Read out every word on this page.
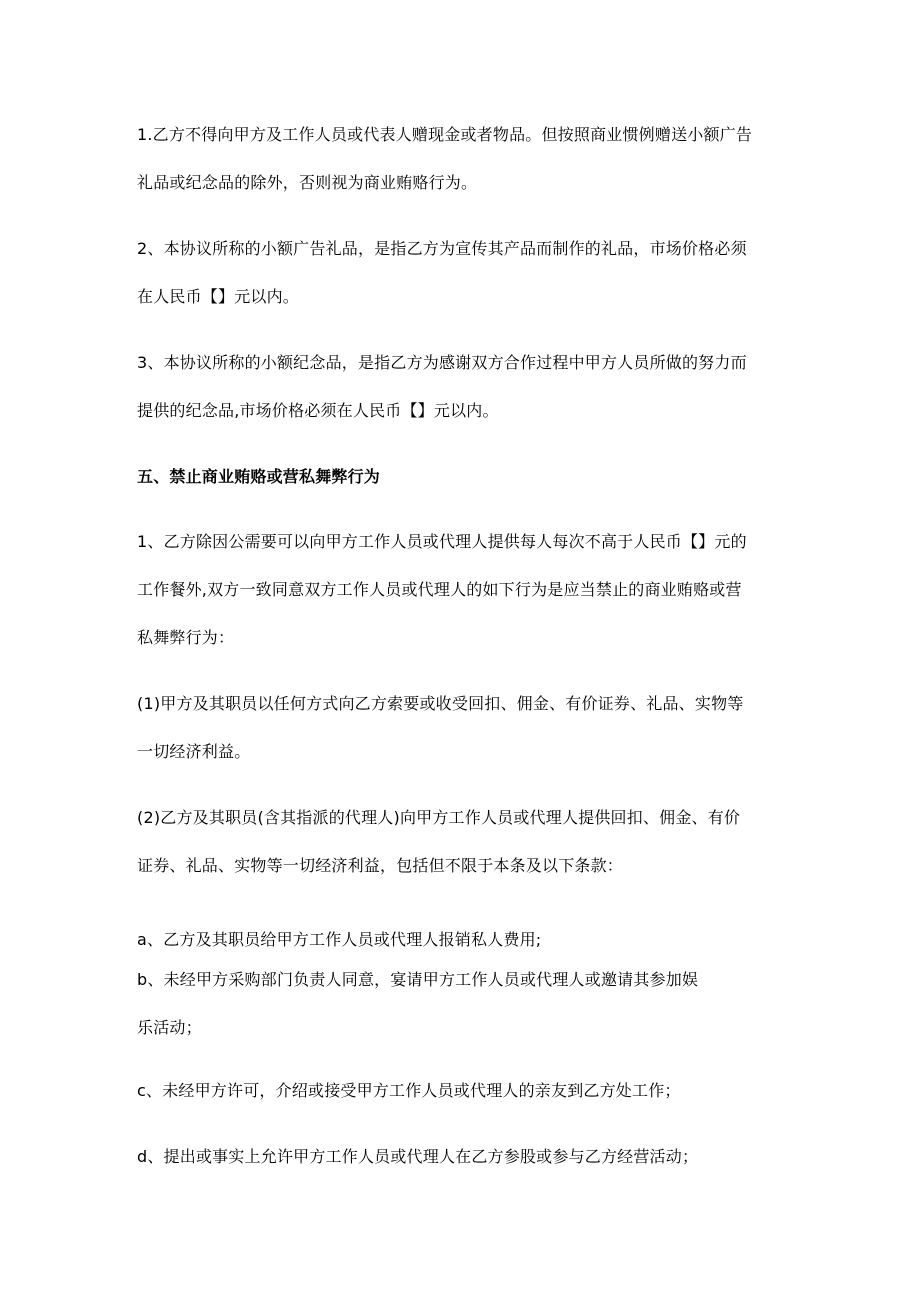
1.乙方不得向甲方及工作人员或代表人赠现金或者物品。但按照商业惯例赠送小额广告
礼品或纪念品的除外，否则视为商业贿赂行为。
2、本协议所称的小额广告礼品，是指乙方为宣传其产品而制作的礼品，市场价格必须
在人民币【】元以内。
3、本协议所称的小额纪念品，是指乙方为感谢双方合作过程中甲方人员所做的努力而
提供的纪念品,市场价格必须在人民币【】元以内。
五、禁止商业贿赂或营私舞弊行为
1、乙方除因公需要可以向甲方工作人员或代理人提供每人每次不高于人民币【】元的
工作餐外,双方一致同意双方工作人员或代理人的如下行为是应当禁止的商业贿赂或营
私舞弊行为：
(1)甲方及其职员以任何方式向乙方索要或收受回扣、佣金、有价证券、礼品、实物等
一切经济利益。
(2)乙方及其职员(含其指派的代理人)向甲方工作人员或代理人提供回扣、佣金、有价
证券、礼品、实物等一切经济利益，包括但不限于本条及以下条款：
a、乙方及其职员给甲方工作人员或代理人报销私人费用;
b、未经甲方采购部门负责人同意，宴请甲方工作人员或代理人或邀请其参加娱
乐活动；
c、未经甲方许可，介绍或接受甲方工作人员或代理人的亲友到乙方处工作；
d、提出或事实上允许甲方工作人员或代理人在乙方参股或参与乙方经营活动；
